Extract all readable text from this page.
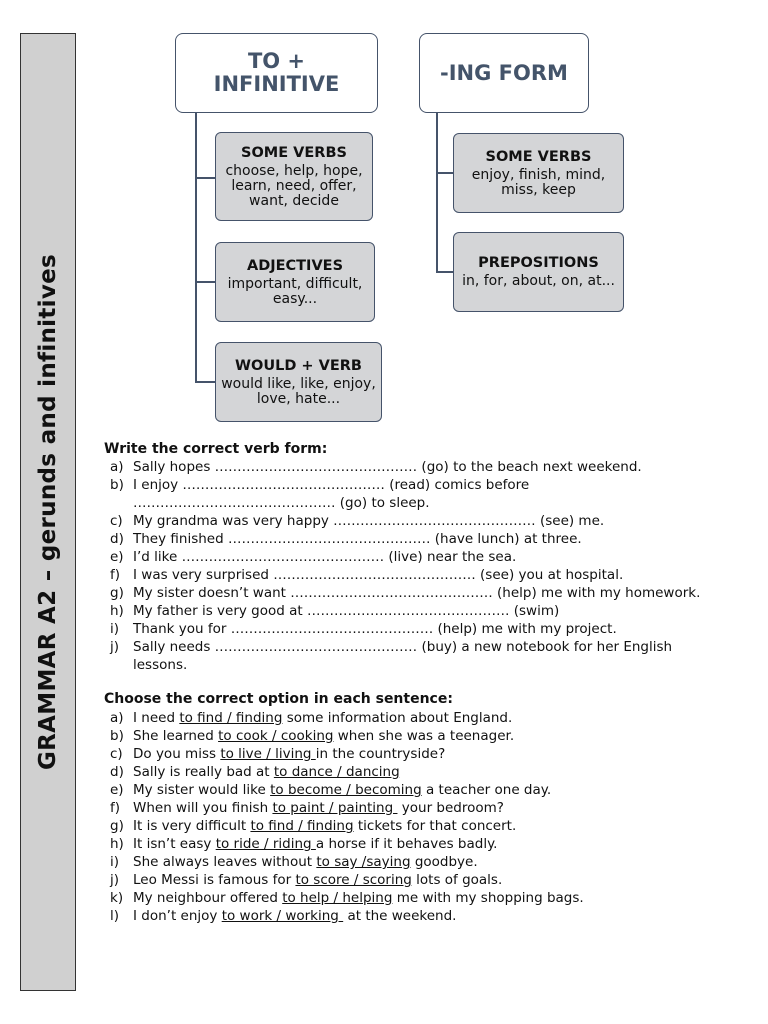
GRAMMAR A2 – gerunds and infinitives
TO +
INFINITIVE	-ING FORM
SOME VERBS
choose, help, hope, learn, need, offer, want, decide
ADJECTIVES
important, difficult, easy...
WOULD + VERB
would like, like, enjoy, love, hate...
SOME VERBS
enjoy, finish, mind, miss, keep
PREPOSITIONS
in, for, about, on, at...
Write the correct verb form:
a) Sally hopes ……………………………………… (go) to the beach next weekend.
b) I enjoy ……………………………………… (read) comics before ……………………………………… (go) to sleep.
c) My grandma was very happy ……………………………………… (see) me.
d) They finished ……………………………………… (have lunch) at three.
e) I’d like ……………………………………… (live) near the sea.
f) I was very surprised ……………………………………… (see) you at hospital.
g) My sister doesn’t want ……………………………………… (help) me with my homework.
h) My father is very good at ……………………………………… (swim)
i)	Thank you for ……………………………………… (help) me with my project.
j)	Sally needs ……………………………………… (buy) a new notebook for her English lessons.
Choose the correct option in each sentence:
a) I need to find / finding some information about England.
b) She learned to cook / cooking when she was a teenager.
c) Do you miss to live / living in the countryside?
d) Sally is really bad at to dance / dancing
e) My sister would like to become / becoming a teacher one day.
f) When will you finish to paint / painting  your bedroom?
g) It is very difficult to find / finding tickets for that concert.
h) It isn’t easy to ride / riding a horse if it behaves badly.
i)	She always leaves without to say /saying goodbye.
j)	Leo Messi is famous for to score / scoring lots of goals.
k) My neighbour offered to help / helping me with my shopping bags.
l)	I don’t enjoy to work / working  at the weekend.
